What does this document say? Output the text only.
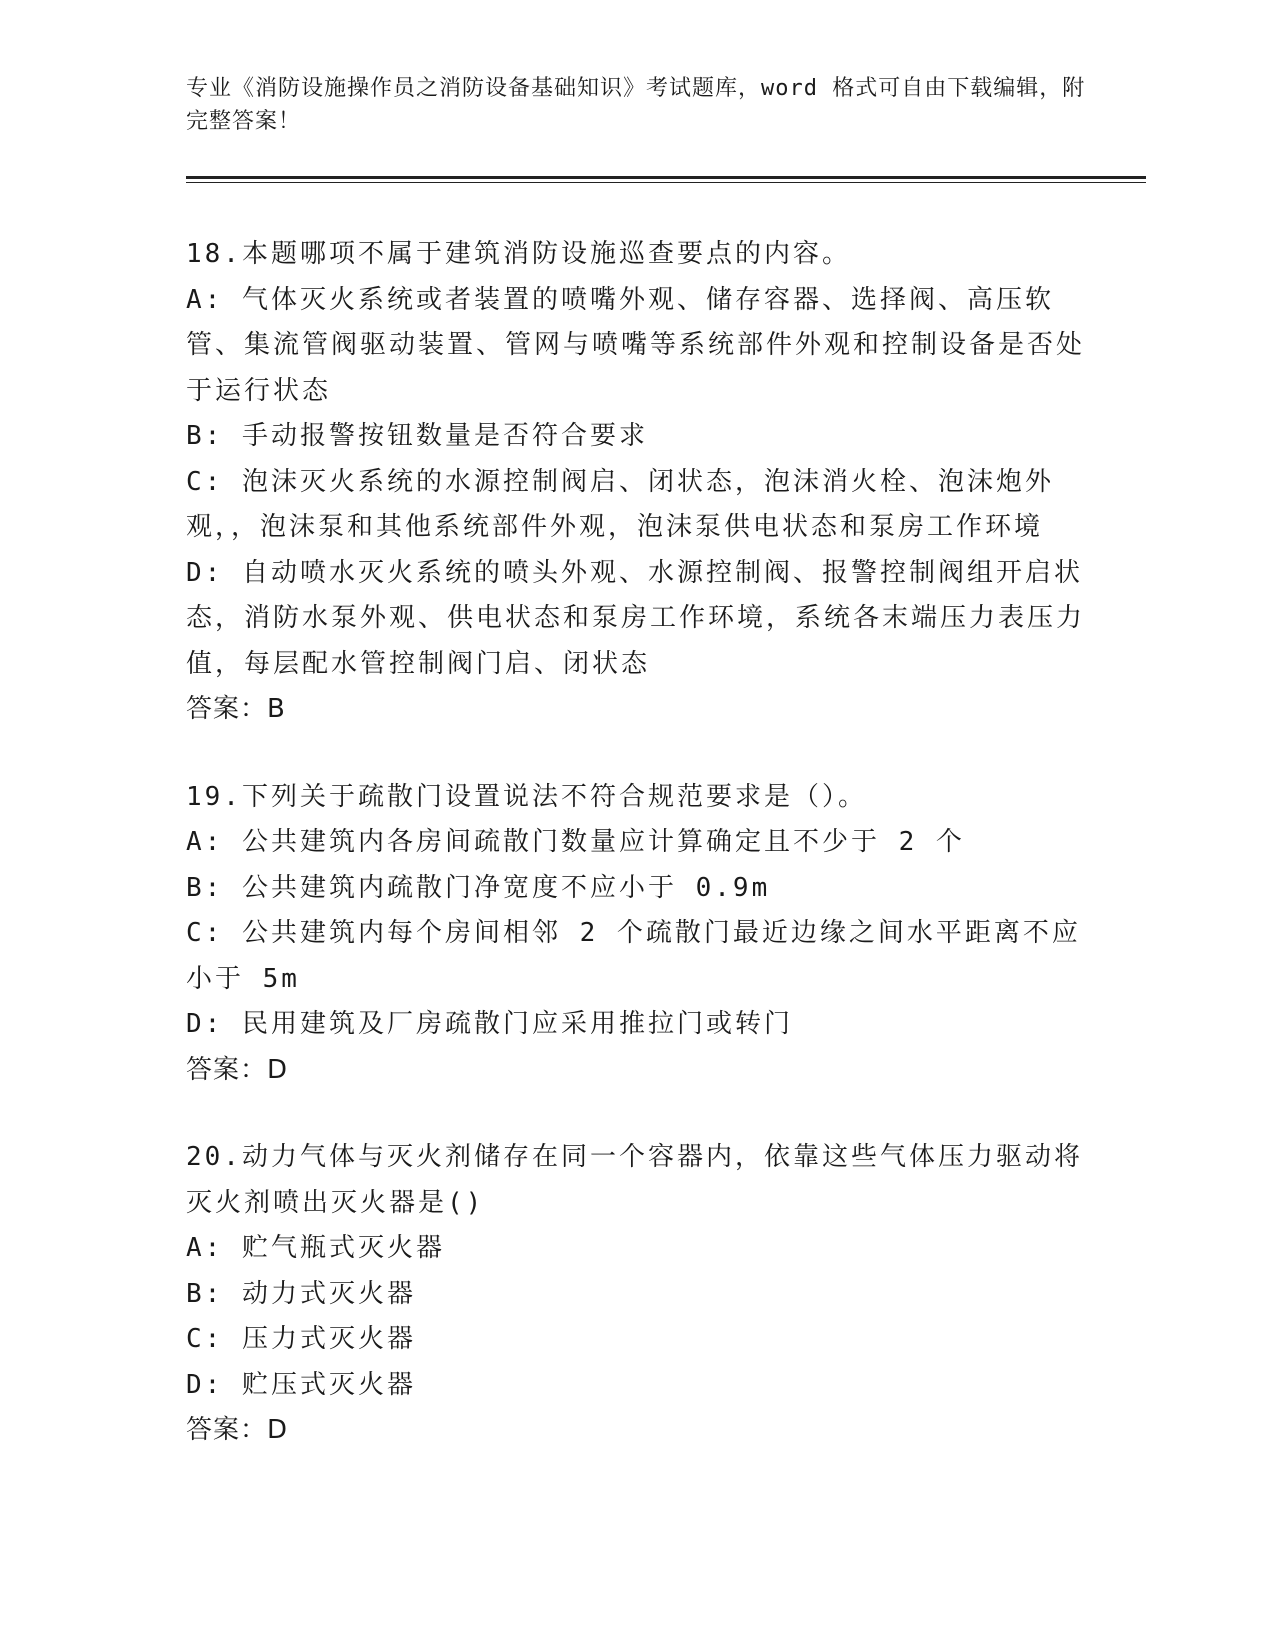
专业《消防设施操作员之消防设备基础知识》考试题库，word 格式可自由下载编辑，附完整答案！
18.本题哪项不属于建筑消防设施巡查要点的内容。
A: 气体灭火系统或者装置的喷嘴外观、储存容器、选择阀、高压软管、集流管阀驱动装置、管网与喷嘴等系统部件外观和控制设备是否处于运行状态
B: 手动报警按钮数量是否符合要求
C: 泡沫灭火系统的水源控制阀启、闭状态，泡沫消火栓、泡沫炮外观，，泡沫泵和其他系统部件外观，泡沫泵供电状态和泵房工作环境
D: 自动喷水灭火系统的喷头外观、水源控制阀、报警控制阀组开启状态，消防水泵外观、供电状态和泵房工作环境，系统各末端压力表压力值，每层配水管控制阀门启、闭状态
答案：B
19.下列关于疏散门设置说法不符合规范要求是（）。
A: 公共建筑内各房间疏散门数量应计算确定且不少于 2 个
B: 公共建筑内疏散门净宽度不应小于 0.9m
C: 公共建筑内每个房间相邻 2 个疏散门最近边缘之间水平距离不应小于 5m
D: 民用建筑及厂房疏散门应采用推拉门或转门
答案：D
20.动力气体与灭火剂储存在同一个容器内，依靠这些气体压力驱动将灭火剂喷出灭火器是()
A: 贮气瓶式灭火器
B: 动力式灭火器
C: 压力式灭火器
D: 贮压式灭火器
答案：D
